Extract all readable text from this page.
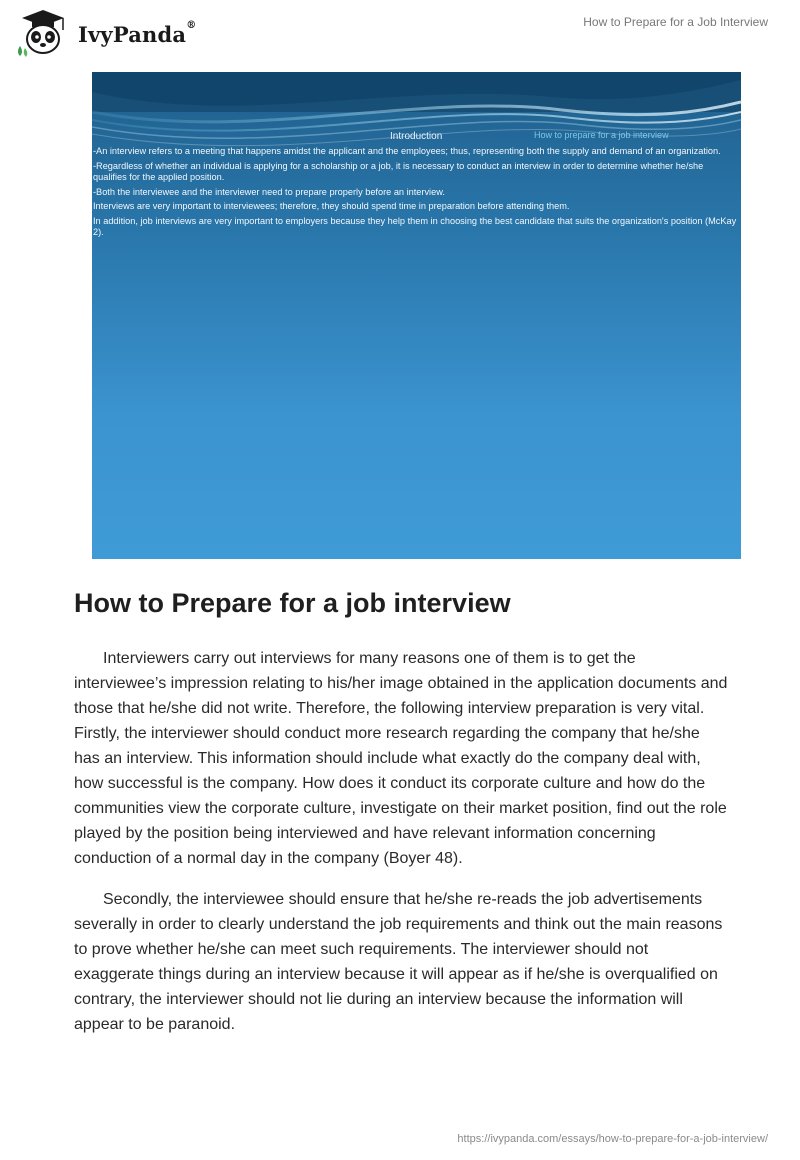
IvyPanda®	How to Prepare for a Job Interview
Introduction	How to prepare for a job interview
-An interview refers to a meeting that happens amidst the applicant and the employees; thus, representing both the supply and demand of an organization.
-Regardless of whether an individual is applying for a scholarship or a job, it is necessary to conduct an interview in order to determine whether he/she qualifies for the applied position.
-Both the interviewee and the interviewer need to prepare properly before an interview.
Interviews are very important to interviewees; therefore, they should spend time in preparation before attending them.
In addition, job interviews are very important to employers because they help them in choosing the best candidate that suits the organization's position (McKay 2).
How to Prepare for a job interview

Interviewers carry out interviews for many reasons one of them is to get the interviewee’s impression relating to his/her image obtained in the application documents and those that he/she did not write. Therefore, the following interview preparation is very vital. Firstly, the interviewer should conduct more research regarding the company that he/she has an interview. This information should include what exactly do the company deal with, how successful is the company. How does it conduct its corporate culture and how do the communities view the corporate culture, investigate on their market position, find out the role played by the position being interviewed and have relevant information concerning conduction of a normal day in the company (Boyer 48).

Secondly, the interviewee should ensure that he/she re-reads the job advertisements severally in order to clearly understand the job requirements and think out the main reasons to prove whether he/she can meet such requirements. The interviewer should not exaggerate things during an interview because it will appear as if he/she is overqualified on contrary, the interviewer should not lie during an interview because the information will appear to be paranoid.

https://ivypanda.com/essays/how-to-prepare-for-a-job-interview/
